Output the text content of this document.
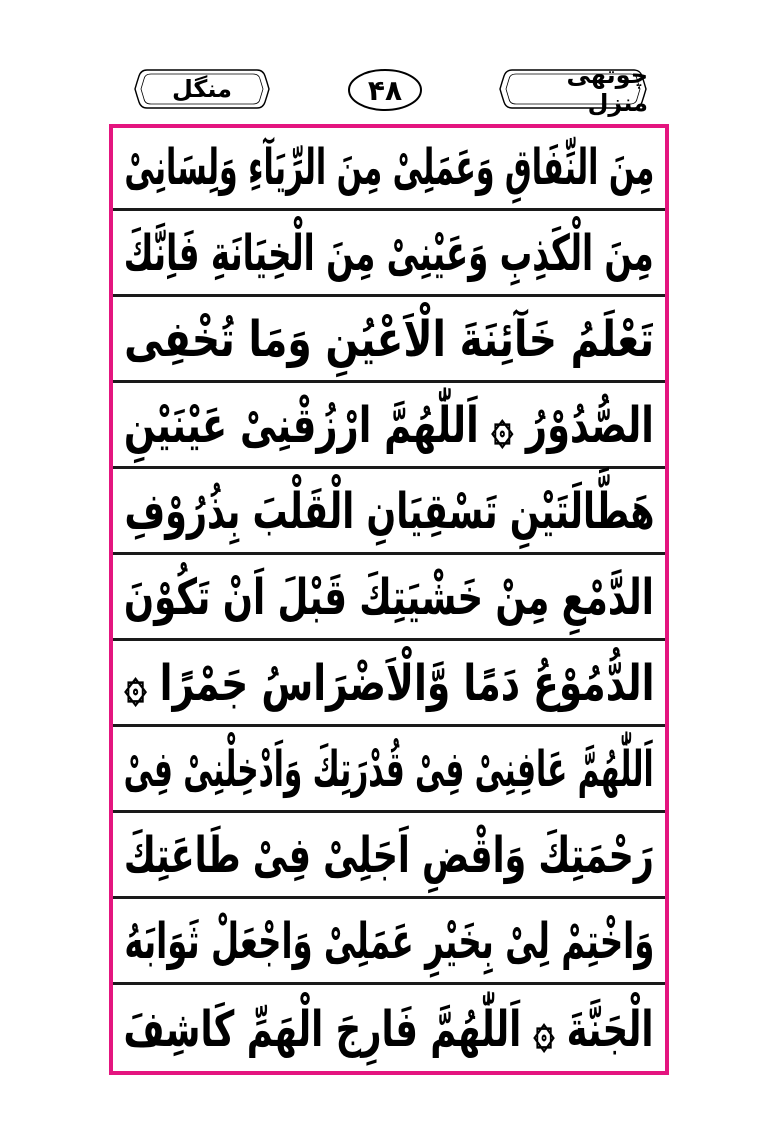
چوتھی منزل
۴۸
منگل
مِنَ النِّفَاقِ وَعَمَلِىْ مِنَ الرِّيَآءِ وَلِسَانِىْ
مِنَ الْكَذِبِ وَعَيْنِىْ مِنَ الْخِيَانَةِ فَاِنَّكَ
تَعْلَمُ خَآئِنَةَ الْاَعْيُنِ وَمَا تُخْفِى
الصُّدُوْرُ ۞ اَللّٰهُمَّ ارْزُقْنِىْ عَيْنَيْنِ
هَطَّالَتَيْنِ تَسْقِيَانِ الْقَلْبَ بِذُرُوْفِ
الدَّمْعِ مِنْ خَشْيَتِكَ قَبْلَ اَنْ تَكُوْنَ
الدُّمُوْعُ دَمًا وَّالْاَضْرَاسُ جَمْرًا ۞
اَللّٰهُمَّ عَافِنِىْ فِىْ قُدْرَتِكَ وَاَدْخِلْنِىْ فِىْ
رَحْمَتِكَ وَاقْضِ اَجَلِىْ فِىْ طَاعَتِكَ
وَاخْتِمْ لِىْ بِخَيْرِ عَمَلِىْ وَاجْعَلْ ثَوَابَهُ
الْجَنَّةَ ۞ اَللّٰهُمَّ فَارِجَ الْهَمِّ كَاشِفَ
